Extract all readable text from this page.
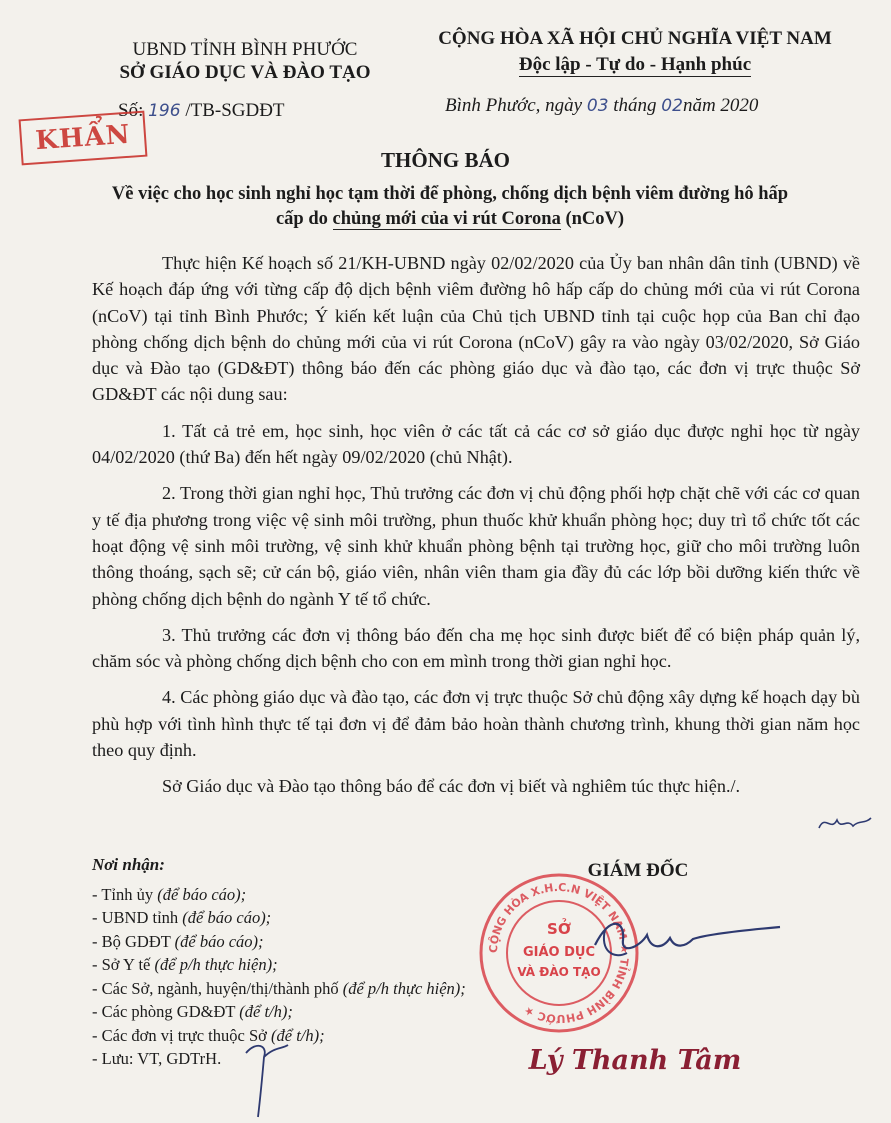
UBND TỈNH BÌNH PHƯỚC
SỞ GIÁO DỤC VÀ ĐÀO TẠO
CỘNG HÒA XÃ HỘI CHỦ NGHĨA VIỆT NAM
Độc lập - Tự do - Hạnh phúc
Số: 196 /TB-SGDĐT
KHẨN
Bình Phước, ngày 03 tháng 02năm 2020
THÔNG BÁO
Về việc cho học sinh nghỉ học tạm thời để phòng, chống dịch bệnh viêm đường hô hấp cấp do chủng mới của vi rút Corona (nCoV)

Thực hiện Kế hoạch số 21/KH-UBND ngày 02/02/2020 của Ủy ban nhân dân tỉnh (UBND) về Kế hoạch đáp ứng với từng cấp độ dịch bệnh viêm đường hô hấp cấp do chủng mới của vi rút Corona (nCoV) tại tỉnh Bình Phước; Ý kiến kết luận của Chủ tịch UBND tỉnh tại cuộc họp của Ban chỉ đạo phòng chống dịch bệnh do chủng mới của vi rút Corona (nCoV) gây ra vào ngày 03/02/2020, Sở Giáo dục và Đào tạo (GD&ĐT) thông báo đến các phòng giáo dục và đào tạo, các đơn vị trực thuộc Sở GD&ĐT các nội dung sau:

1. Tất cả trẻ em, học sinh, học viên ở các tất cả các cơ sở giáo dục được nghỉ học từ ngày 04/02/2020 (thứ Ba) đến hết ngày 09/02/2020 (chủ Nhật).

2. Trong thời gian nghỉ học, Thủ trưởng các đơn vị chủ động phối hợp chặt chẽ với các cơ quan y tế địa phương trong việc vệ sinh môi trường, phun thuốc khử khuẩn phòng học; duy trì tổ chức tốt các hoạt động vệ sinh môi trường, vệ sinh khử khuẩn phòng bệnh tại trường học, giữ cho môi trường luôn thông thoáng, sạch sẽ; cử cán bộ, giáo viên, nhân viên tham gia đầy đủ các lớp bồi dưỡng kiến thức về phòng chống dịch bệnh do ngành Y tế tổ chức.

3. Thủ trưởng các đơn vị thông báo đến cha mẹ học sinh được biết để có biện pháp quản lý, chăm sóc và phòng chống dịch bệnh cho con em mình trong thời gian nghỉ học.

4. Các phòng giáo dục và đào tạo, các đơn vị trực thuộc Sở chủ động xây dựng kế hoạch dạy bù phù hợp với tình hình thực tế tại đơn vị để đảm bảo hoàn thành chương trình, khung thời gian năm học theo quy định.

Sở Giáo dục và Đào tạo thông báo để các đơn vị biết và nghiêm túc thực hiện./.

Nơi nhận:
- Tỉnh ủy (để báo cáo);
- UBND tỉnh (để báo cáo);
- Bộ GDĐT (để báo cáo);
- Sở Y tế (để p/h thực hiện);
- Các Sở, ngành, huyện/thị/thành phố (để p/h thực hiện);
- Các phòng GD&ĐT (để t/h);
- Các đơn vị trực thuộc Sở (để t/h);
- Lưu: VT, GDTrH.
GIÁM ĐỐC
CỘNG HÒA X.H.C.N VIỆT NAM ★ TỈNH BÌNH PHƯỚC ★
SỞ
GIÁO DỤC
VÀ ĐÀO TẠO
Lý Thanh Tâm
